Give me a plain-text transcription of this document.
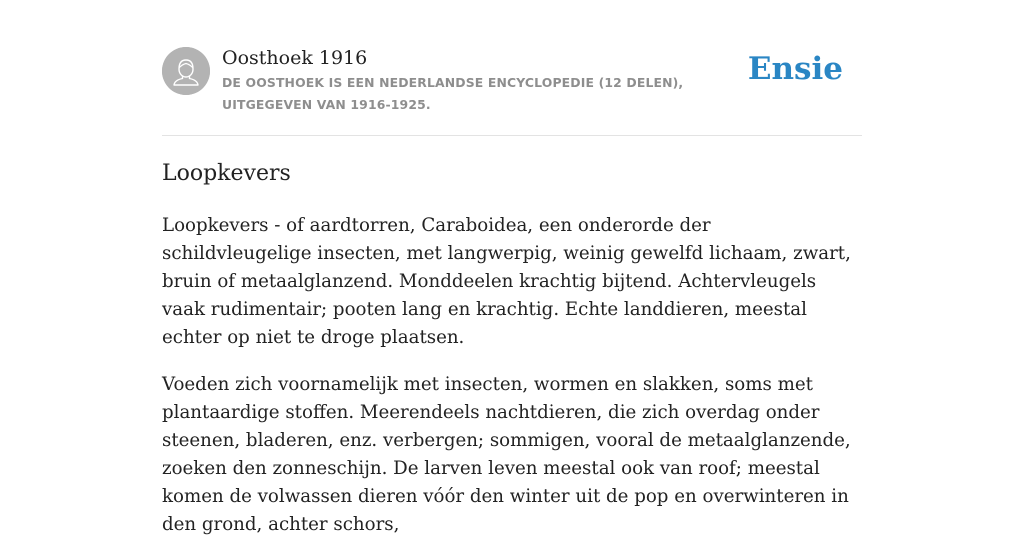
Oosthoek 1916

DE OOSTHOEK IS EEN NEDERLANDSE ENCYCLOPEDIE (12 DELEN), UITGEGEVEN VAN 1916-1925.

Ensie
Loopkevers

Loopkevers - of aardtorren, Caraboidea, een onderorde der schildvleugelige insecten, met langwerpig, weinig gewelfd lichaam, zwart, bruin of metaalglanzend. Monddeelen krachtig bijtend. Achtervleugels vaak rudimentair; pooten lang en krachtig. Echte landdieren, meestal echter op niet te droge plaatsen.

Voeden zich voornamelijk met insecten, wormen en slakken, soms met plantaardige stoffen. Meerendeels nachtdieren, die zich overdag onder steenen, bladeren, enz. verbergen; sommigen, vooral de metaalglanzende, zoeken den zonneschijn. De larven leven meestal ook van roof; meestal komen de volwassen dieren vóór den winter uit de pop en overwinteren in den grond, achter schors,
